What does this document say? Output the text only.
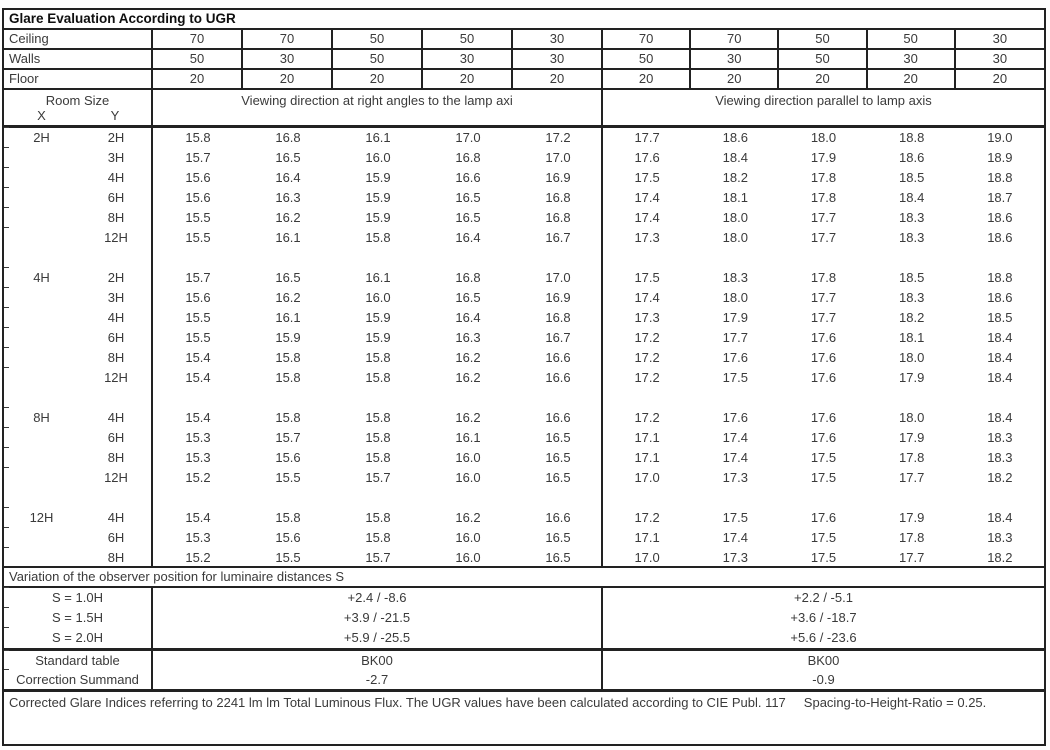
Glare Evaluation According to UGR
Ceiling	70	70	50	50	30	70	70	50	50	30
Walls	50	30	50	30	30	50	30	50	30	30
Floor	20	20	20	20	20	20	20	20	20	20
Room Size
X	Y
Viewing direction at right angles to the lamp axi	Viewing direction parallel to lamp axis
2H	2H	15.8	16.8	16.1	17.0	17.2	17.7	18.6	18.0	18.8	19.0
3H	15.7	16.5	16.0	16.8	17.0	17.6	18.4	17.9	18.6	18.9
4H	15.6	16.4	15.9	16.6	16.9	17.5	18.2	17.8	18.5	18.8
6H	15.6	16.3	15.9	16.5	16.8	17.4	18.1	17.8	18.4	18.7
8H	15.5	16.2	15.9	16.5	16.8	17.4	18.0	17.7	18.3	18.6
12H	15.5	16.1	15.8	16.4	16.7	17.3	18.0	17.7	18.3	18.6
4H	2H	15.7	16.5	16.1	16.8	17.0	17.5	18.3	17.8	18.5	18.8
3H	15.6	16.2	16.0	16.5	16.9	17.4	18.0	17.7	18.3	18.6
4H	15.5	16.1	15.9	16.4	16.8	17.3	17.9	17.7	18.2	18.5
6H	15.5	15.9	15.9	16.3	16.7	17.2	17.7	17.6	18.1	18.4
8H	15.4	15.8	15.8	16.2	16.6	17.2	17.6	17.6	18.0	18.4
12H	15.4	15.8	15.8	16.2	16.6	17.2	17.5	17.6	17.9	18.4
8H	4H	15.4	15.8	15.8	16.2	16.6	17.2	17.6	17.6	18.0	18.4
6H	15.3	15.7	15.8	16.1	16.5	17.1	17.4	17.6	17.9	18.3
8H	15.3	15.6	15.8	16.0	16.5	17.1	17.4	17.5	17.8	18.3
12H	15.2	15.5	15.7	16.0	16.5	17.0	17.3	17.5	17.7	18.2
12H	4H	15.4	15.8	15.8	16.2	16.6	17.2	17.5	17.6	17.9	18.4
6H	15.3	15.6	15.8	16.0	16.5	17.1	17.4	17.5	17.8	18.3
8H	15.2	15.5	15.7	16.0	16.5	17.0	17.3	17.5	17.7	18.2
Variation of the observer position for luminaire distances S
S = 1.0H	+2.4 / -8.6	+2.2 / -5.1
S = 1.5H	+3.9 / -21.5	+3.6 / -18.7
S = 2.0H	+5.9 / -25.5	+5.6 / -23.6
Standard table	BK00	BK00
Correction Summand	-2.7	-0.9
Corrected Glare Indices referring to 2241 lm lm Total Luminous Flux. The UGR values have been calculated according to CIE Publ. 117 Spacing-to-Height-Ratio = 0.25.
